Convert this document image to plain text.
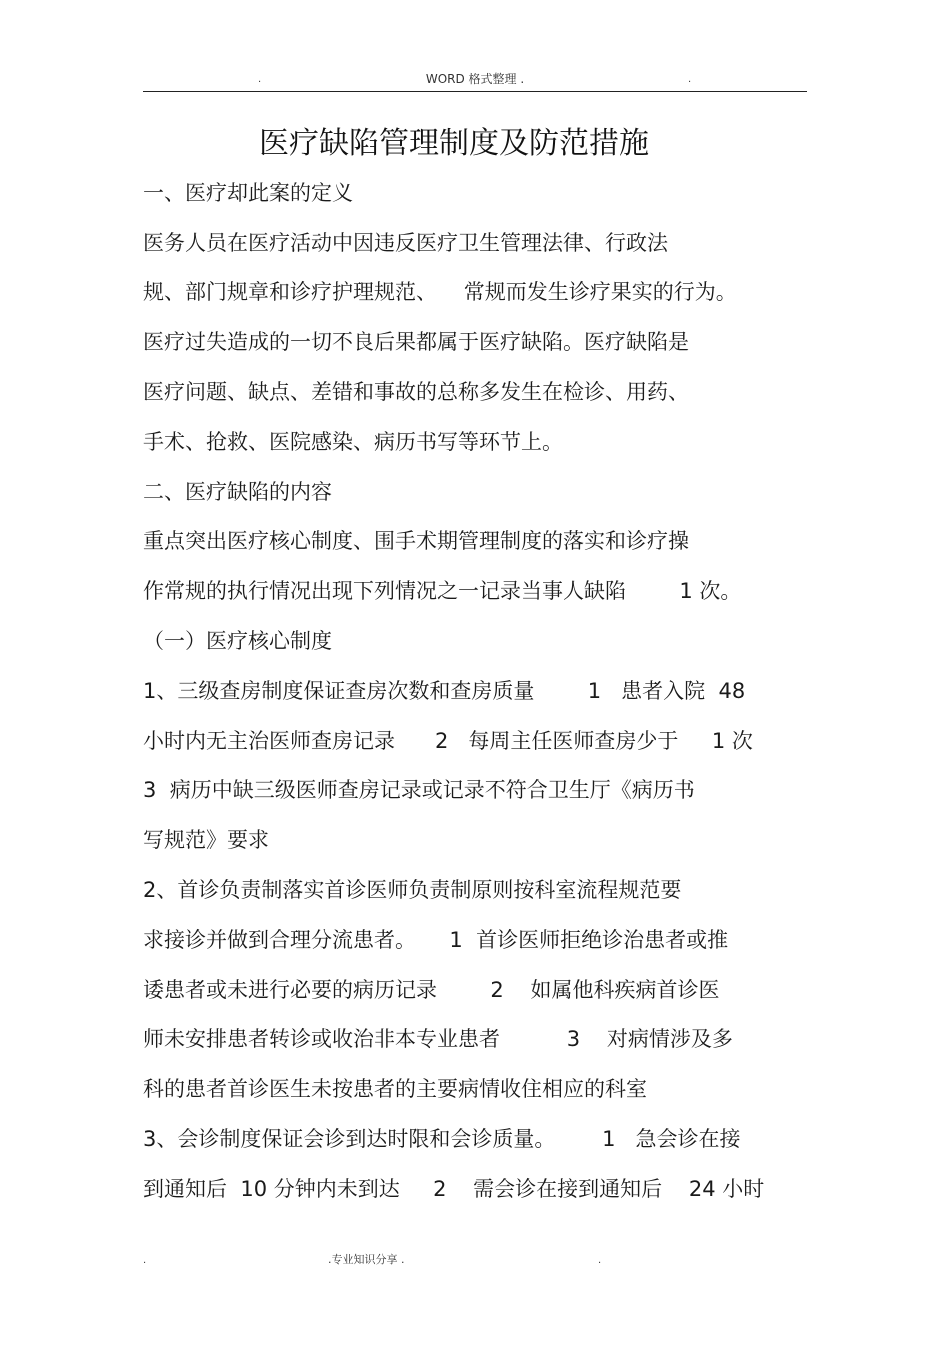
.	WORD 格式整理 .	.
医疗缺陷管理制度及防范措施
一、医疗却此案的定义
医务人员在医疗活动中因违反医疗卫生管理法律、行政法
规、部门规章和诊疗护理规范、    常规而发生诊疗果实的行为。
医疗过失造成的一切不良后果都属于医疗缺陷。医疗缺陷是
医疗问题、缺点、差错和事故的总称多发生在检诊、用药、
手术、抢救、医院感染、病历书写等环节上。
二、医疗缺陷的内容
重点突出医疗核心制度、围手术期管理制度的落实和诊疗操
作常规的执行情况出现下列情况之一记录当事人缺陷        1 次。
（一）医疗核心制度
1、三级查房制度保证查房次数和查房质量        1   患者入院  48
小时内无主治医师查房记录      2   每周主任医师查房少于     1 次
3  病历中缺三级医师查房记录或记录不符合卫生厅《病历书
写规范》要求
2、首诊负责制落实首诊医师负责制原则按科室流程规范要
求接诊并做到合理分流患者。     1  首诊医师拒绝诊治患者或推
诿患者或未进行必要的病历记录        2    如属他科疾病首诊医
师未安排患者转诊或收治非本专业患者          3    对病情涉及多
科的患者首诊医生未按患者的主要病情收住相应的科室
3、会诊制度保证会诊到达时限和会诊质量。       1   急会诊在接
到通知后  10 分钟内未到达     2    需会诊在接到通知后    24 小时
.	.专业知识分享 .	.
